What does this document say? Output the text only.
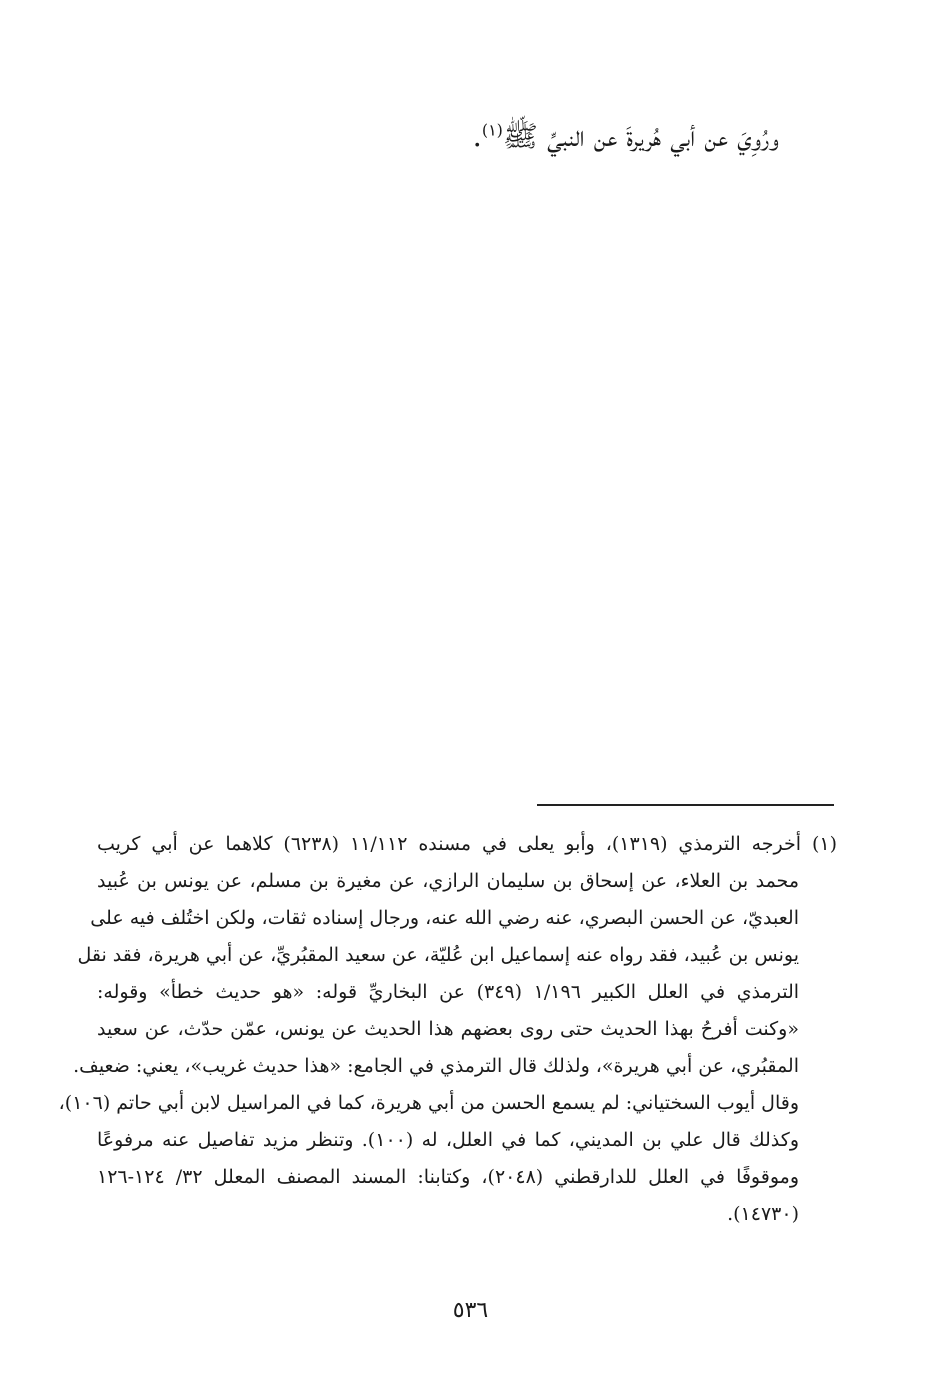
ورُوِيَ عن أبي هُريرةَ عن النبيِّ ﷺ$^{(١)}$.
(١) أخرجه الترمذي (١٣١٩)، وأبو يعلى في مسنده ١١/١١٢ (٦٢٣٨) كلاهما عن أبي كريب
محمد بن العلاء، عن إسحاق بن سليمان الرازي، عن مغيرة بن مسلم، عن يونس بن عُبيد
العبديّ، عن الحسن البصري، عنه رضي الله عنه، ورجال إسناده ثقات، ولكن اختُلف فيه على
يونس بن عُبيد، فقد رواه عنه إسماعيل ابن عُليّة، عن سعيد المقبُريِّ، عن أبي هريرة، فقد نقل
الترمذي في العلل الكبير ١/١٩٦ (٣٤٩) عن البخاريِّ قوله: «هو حديث خطأ» وقوله:
«وكنت أفرحُ بهذا الحديث حتى روى بعضهم هذا الحديث عن يونس، عمّن حدّث، عن سعيد
المقبُري، عن أبي هريرة»، ولذلك قال الترمذي في الجامع: «هذا حديث غريب»، يعني: ضعيف.
وقال أيوب السختياني: لم يسمع الحسن من أبي هريرة، كما في المراسيل لابن أبي حاتم (١٠٦)،
وكذلك قال علي بن المديني، كما في العلل، له (١٠٠). وتنظر مزيد تفاصيل عنه مرفوعًا
وموقوفًا في العلل للدارقطني (٢٠٤٨)، وكتابنا: المسند المصنف المعلل ٣٢/ ١٢٤-١٢٦
(١٤٧٣٠).
٥٣٦
